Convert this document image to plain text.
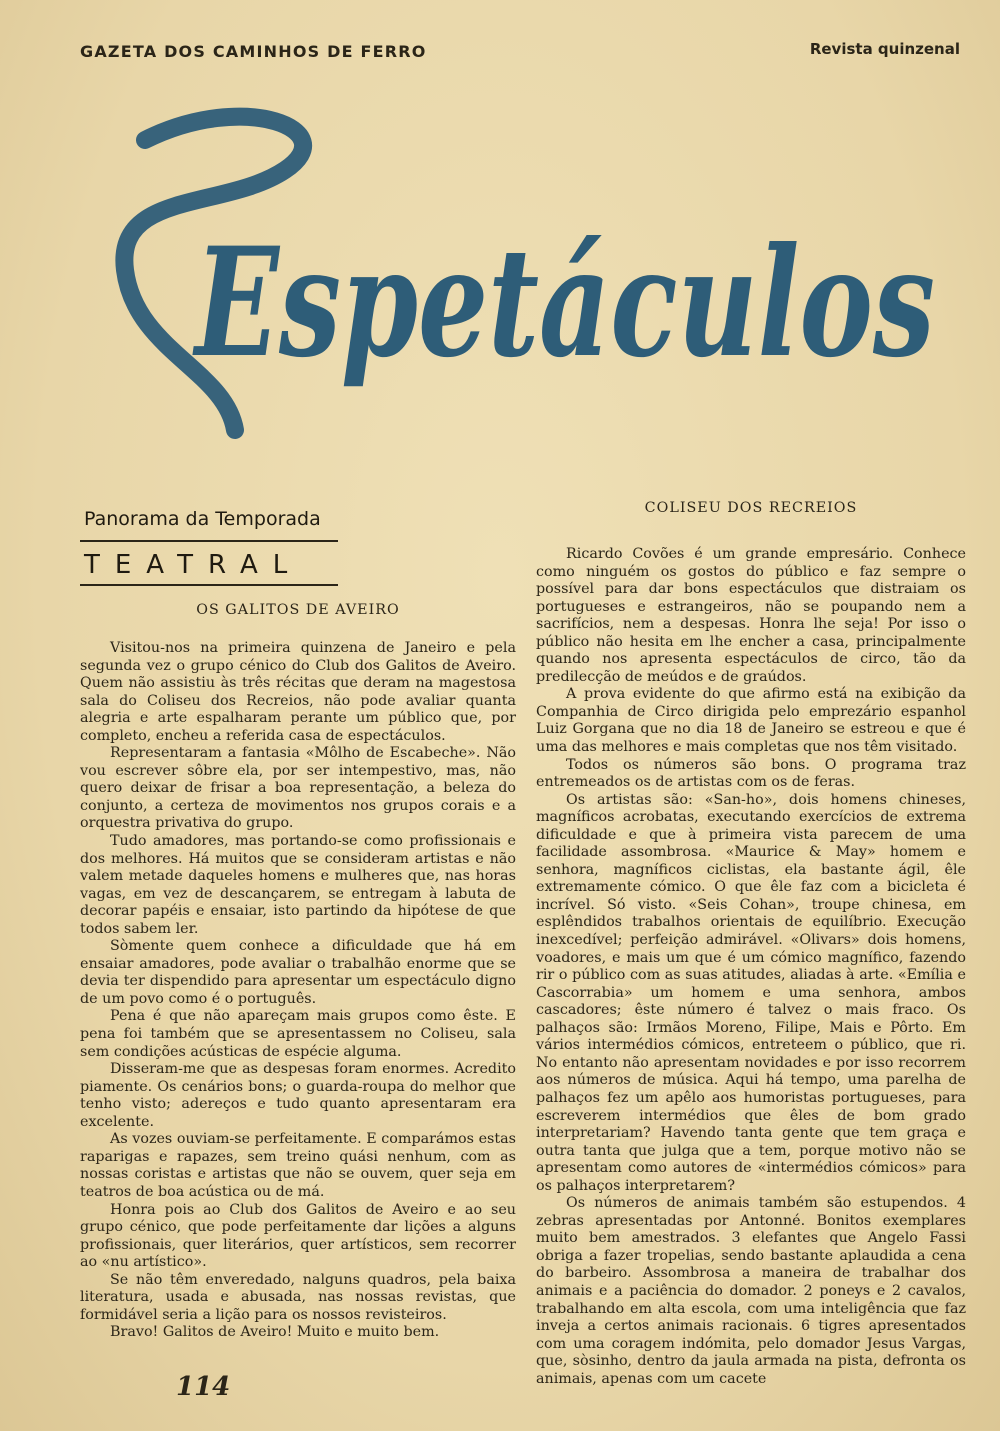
GAZETA DOS CAMINHOS DE FERRO	Revista quinzenal
Espetáculos
Panorama da Temporada
TEATRAL
OS GALITOS DE AVEIRO

Visitou-nos na primeira quinzena de Janeiro e pela segunda vez o grupo cénico do Club dos Galitos de Aveiro. Quem não assistiu às três récitas que deram na magestosa sala do Coliseu dos Recreios, não pode avaliar quanta alegria e arte espalharam perante um público que, por completo, encheu a referida casa de espectáculos.

Representaram a fantasia «Môlho de Escabeche». Não vou escrever sôbre ela, por ser intempestivo, mas, não quero deixar de frisar a boa representação, a beleza do conjunto, a certeza de movimentos nos grupos corais e a orquestra privativa do grupo.

Tudo amadores, mas portando-se como profissionais e dos melhores. Há muitos que se consideram artistas e não valem metade daqueles homens e mulheres que, nas horas vagas, em vez de descançarem, se entregam à labuta de decorar papéis e ensaiar, isto partindo da hipótese de que todos sabem ler.

Sòmente quem conhece a dificuldade que há em ensaiar amadores, pode avaliar o trabalhão enorme que se devia ter dispendido para apresentar um espectáculo digno de um povo como é o português.

Pena é que não apareçam mais grupos como êste. E pena foi também que se apresentassem no Coliseu, sala sem condições acústicas de espécie alguma.

Disseram-me que as despesas foram enormes. Acredito piamente. Os cenários bons; o guarda-roupa do melhor que tenho visto; adereços e tudo quanto apresentaram era excelente.

As vozes ouviam-se perfeitamente. E comparámos estas raparigas e rapazes, sem treino quási nenhum, com as nossas coristas e artistas que não se ouvem, quer seja em teatros de boa acústica ou de má.

Honra pois ao Club dos Galitos de Aveiro e ao seu grupo cénico, que pode perfeitamente dar lições a alguns profissionais, quer literários, quer artísticos, sem recorrer ao «nu artístico».

Se não têm enveredado, nalguns quadros, pela baixa literatura, usada e abusada, nas nossas revistas, que formidável seria a lição para os nossos revisteiros.

Bravo! Galitos de Aveiro! Muito e muito bem.

COLISEU DOS RECREIOS

Ricardo Covões é um grande empresário. Conhece como ninguém os gostos do público e faz sempre o possível para dar bons espectáculos que distraiam os portugueses e estrangeiros, não se poupando nem a sacrifícios, nem a despesas. Honra lhe seja! Por isso o público não hesita em lhe encher a casa, principalmente quando nos apresenta espectáculos de circo, tão da predilecção de meúdos e de graúdos.

A prova evidente do que afirmo está na exibição da Companhia de Circo dirigida pelo emprezário espanhol Luiz Gorgana que no dia 18 de Janeiro se estreou e que é uma das melhores e mais completas que nos têm visitado.

Todos os números são bons. O programa traz entremeados os de artistas com os de feras.

Os artistas são: «San-ho», dois homens chineses, magníficos acrobatas, executando exercícios de extrema dificuldade e que à primeira vista parecem de uma facilidade assombrosa. «Maurice & May» homem e senhora, magníficos ciclistas, ela bastante ágil, êle extremamente cómico. O que êle faz com a bicicleta é incrível. Só visto. «Seis Cohan», troupe chinesa, em esplêndidos trabalhos orientais de equilíbrio. Execução inexcedível; perfeição admirável. «Olivars» dois homens, voadores, e mais um que é um cómico magnífico, fazendo rir o público com as suas atitudes, aliadas à arte. «Emília e Cascorrabia» um homem e uma senhora, ambos cascadores; êste número é talvez o mais fraco. Os palhaços são: Irmãos Moreno, Filipe, Mais e Pôrto. Em vários intermédios cómicos, entreteem o público, que ri. No entanto não apresentam novidades e por isso recorrem aos números de música. Aqui há tempo, uma parelha de palhaços fez um apêlo aos humoristas portugueses, para escreverem intermédios que êles de bom grado interpretariam? Havendo tanta gente que tem graça e outra tanta que julga que a tem, porque motivo não se apresentam como autores de «intermédios cómicos» para os palhaços interpretarem?

Os números de animais também são estupendos. 4 zebras apresentadas por Antonné. Bonitos exemplares muito bem amestrados. 3 elefantes que Angelo Fassi obriga a fazer tropelias, sendo bastante aplaudida a cena do barbeiro. Assombrosa a maneira de trabalhar dos animais e a paciência do domador. 2 poneys e 2 cavalos, trabalhando em alta escola, com uma inteligência que faz inveja a certos animais racionais. 6 tigres apresentados com uma coragem indómita, pelo domador Jesus Vargas, que, sòsinho, dentro da jaula armada na pista, defronta os animais, apenas com um cacete

114
